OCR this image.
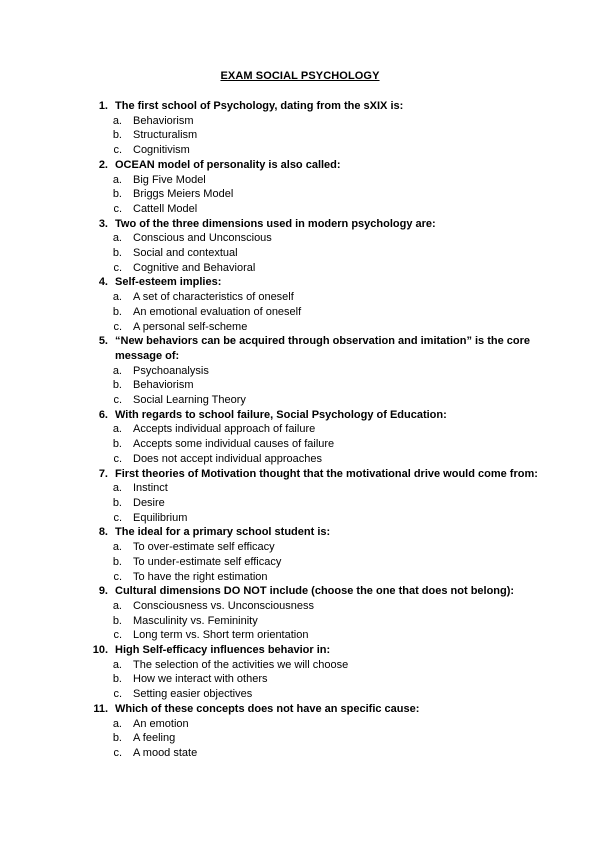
EXAM SOCIAL PSYCHOLOGY
1. The first school of Psychology, dating from the sXIX is:
a.	Behaviorism
b.	Structuralism
c.	Cognitivism
2. OCEAN model of personality is also called:
a.	Big Five Model
b.	Briggs Meiers Model
c.	Cattell Model
3. Two of the three dimensions used in modern psychology are:
a.	Conscious and Unconscious
b.	Social and contextual
c.	Cognitive and Behavioral
4. Self-esteem implies:
a.	A set of characteristics of oneself
b.	An emotional evaluation of oneself
c.	A personal self-scheme
5. “New behaviors can be acquired through observation and imitation” is the core message of:
a.	Psychoanalysis
b.	Behaviorism
c.	Social Learning Theory
6. With regards to school failure, Social Psychology of Education:
a.	Accepts individual approach of failure
b.	Accepts some individual causes of failure
c.	Does not accept individual approaches
7. First theories of Motivation thought that the motivational drive would come from:
a.	Instinct
b.	Desire
c.	Equilibrium
8. The ideal for a primary school student is:
a.	To over-estimate self efficacy
b.	To under-estimate self efficacy
c.	To have the right estimation
9. Cultural dimensions DO NOT include (choose the one that does not belong):
a.	Consciousness vs. Unconsciousness
b.	Masculinity vs. Femininity
c.	Long term vs. Short term orientation
10. High Self-efficacy influences behavior in:
a.	The selection of the activities we will choose
b.	How we interact with others
c.	Setting easier objectives
11. Which of these concepts does not have an specific cause:
a.	An emotion
b.	A feeling
c.	A mood state
